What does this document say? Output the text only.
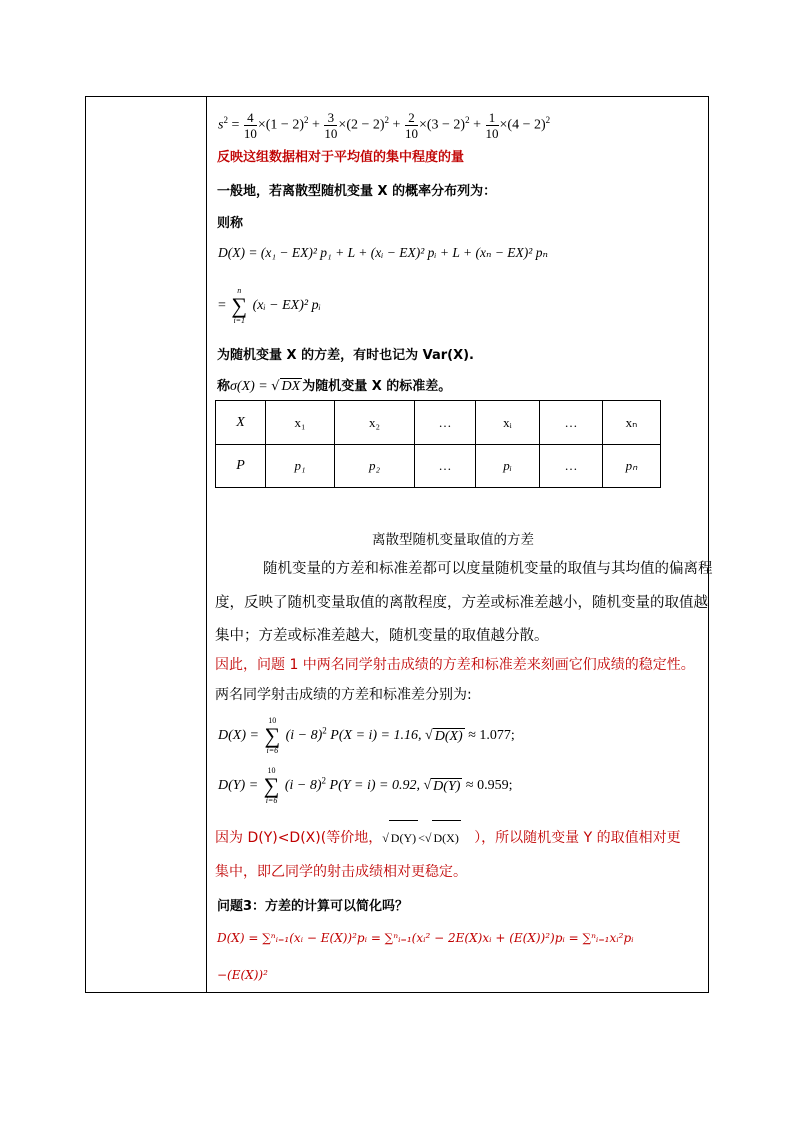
$s^2 = \frac{4}{10} \times(1 - 2)^2 + \frac{3}{10} \times(2 - 2)^2 + \frac{2}{10} \times(3 - 2)^2 + \frac{1}{10} \times(4 - 2)^2$
反映这组数据相对于平均值的集中程度的量
一般地，若离散型随机变量 X 的概率分布列为：
则称
D(X) = (x₁ − EX)² p₁ + L + (xᵢ − EX)² pᵢ + L + (xₙ − EX)² pₙ
=
n
∑
i=1
(xᵢ − EX)² pᵢ
为随机变量 X 的方差，有时也记为 Var(X).
称σ(X) = √ DX 为随机变量 X 的标准差。
X	x₁	x₂	…	xᵢ	…	xₙ
P	p₁	p₂	…	pᵢ	…	pₙ
离散型随机变量取值的方差
随机变量的方差和标准差都可以度量随机变量的取值与其均值的偏离程
度，反映了随机变量取值的离散程度，方差或标准差越小，随机变量的取值越
集中；方差或标准差越大，随机变量的取值越分散。
因此，问题 1 中两名同学射击成绩的方差和标准差来刻画它们成绩的稳定性。
两名同学射击成绩的方差和标准差分别为:
D(X) =
10
∑
i=6
$(i - 8)^2$ P(X = i) = 1.16, √ D(X) ≈ 1.077;
D(Y) =
10
∑
i=6
$(i - 8)^2$ P(Y = i) = 0.92, √ D(Y) ≈ 0.959;
因为 D(Y)<D(X)(等价地，√ D(Y) <√ D(X) ），所以随机变量 Y 的取值相对更
集中，即乙同学的射击成绩相对更稳定。
问题3：方差的计算可以简化吗？
D(X) = ∑ⁿᵢ₌₁(xᵢ − E(X))²pᵢ = ∑ⁿᵢ₌₁(xᵢ² − 2E(X)xᵢ + (E(X))²)pᵢ = ∑ⁿᵢ₌₁xᵢ²pᵢ
−(E(X))²
